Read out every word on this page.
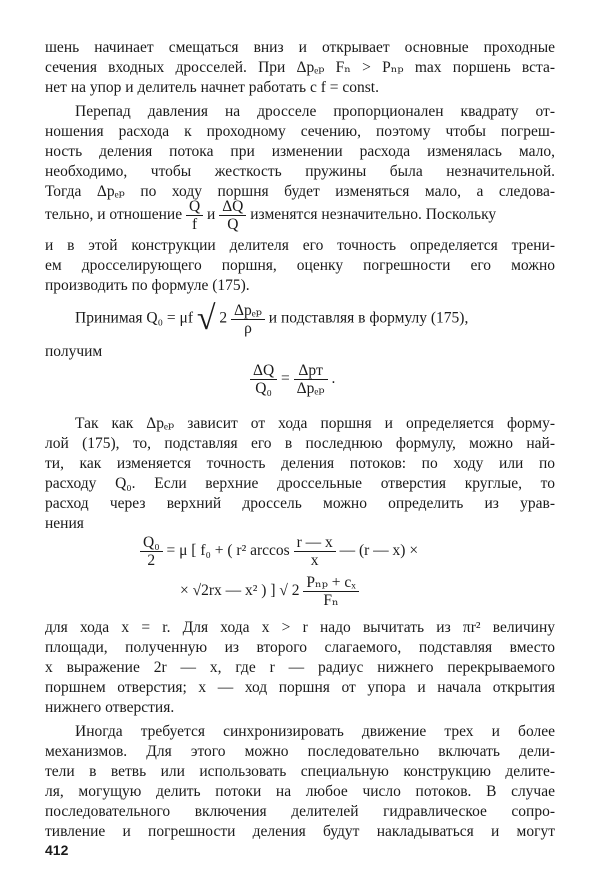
шень начинает смещаться вниз и открывает основные проходные
сечения входных дросселей. При Δpₑₚ Fₙ > Pₙₚ max поршень вста-
нет на упор и делитель начнет работать с f = const.
Перепад давления на дросселе пропорционален квадрату от-
ношения расхода к проходному сечению, поэтому чтобы погреш-
ность деления потока при изменении расхода изменялась мало,
необходимо, чтобы жесткость пружины была незначительной.
Тогда Δpₑₚ по ходу поршня будет изменяться мало, а следова-
тельно, и отношение $\frac{Q}{f}$ и $\frac{\Delta Q}{Q}$ изменятся незначительно. Поскольку
и в этой конструкции делителя его точность определяется трени-
ем дросселирующего поршня, оценку погрешности его можно
производить по формуле (175).
Принимая Q₀ = μf √ $2 \frac{\text{Δpₑₚ}}{\rho}$ и подставляя в формулу (175),
получим
$\frac{\Delta Q}{\text{Q₀}} = \frac{\text{Δpᴛ}}{\text{Δpₑₚ}}$ .
Так как Δpₑₚ зависит от хода поршня и определяется форму-
лой (175), то, подставляя его в последнюю формулу, можно най-
ти, как изменяется точность деления потоков: по ходу или по
расходу Q₀. Если верхние дроссельные отверстия круглые, то
расход через верхний дроссель можно определить из урав-
нения
$\frac{\text{Q₀}}{2} = \mu$ [ f₀ + ( r² $\arccos \frac{r — x}{x}$ — (r — x) ×
× √2rx — x² ) ] √ $2 \frac{\text{Pₙₚ + cₓ}}{\text{Fₙ}}$
для хода x = r. Для хода x > r надо вычитать из πr² величину
площади, полученную из второго слагаемого, подставляя вместо
x выражение 2r — x, где r — радиус нижнего перекрываемого
поршнем отверстия; x — ход поршня от упора и начала открытия
нижнего отверстия.
Иногда требуется синхронизировать движение трех и более
механизмов. Для этого можно последовательно включать дели-
тели в ветвь или использовать специальную конструкцию делите-
ля, могущую делить потоки на любое число потоков. В случае
последовательного включения делителей гидравлическое сопро-
тивление и погрешности деления будут накладываться и могут
412
